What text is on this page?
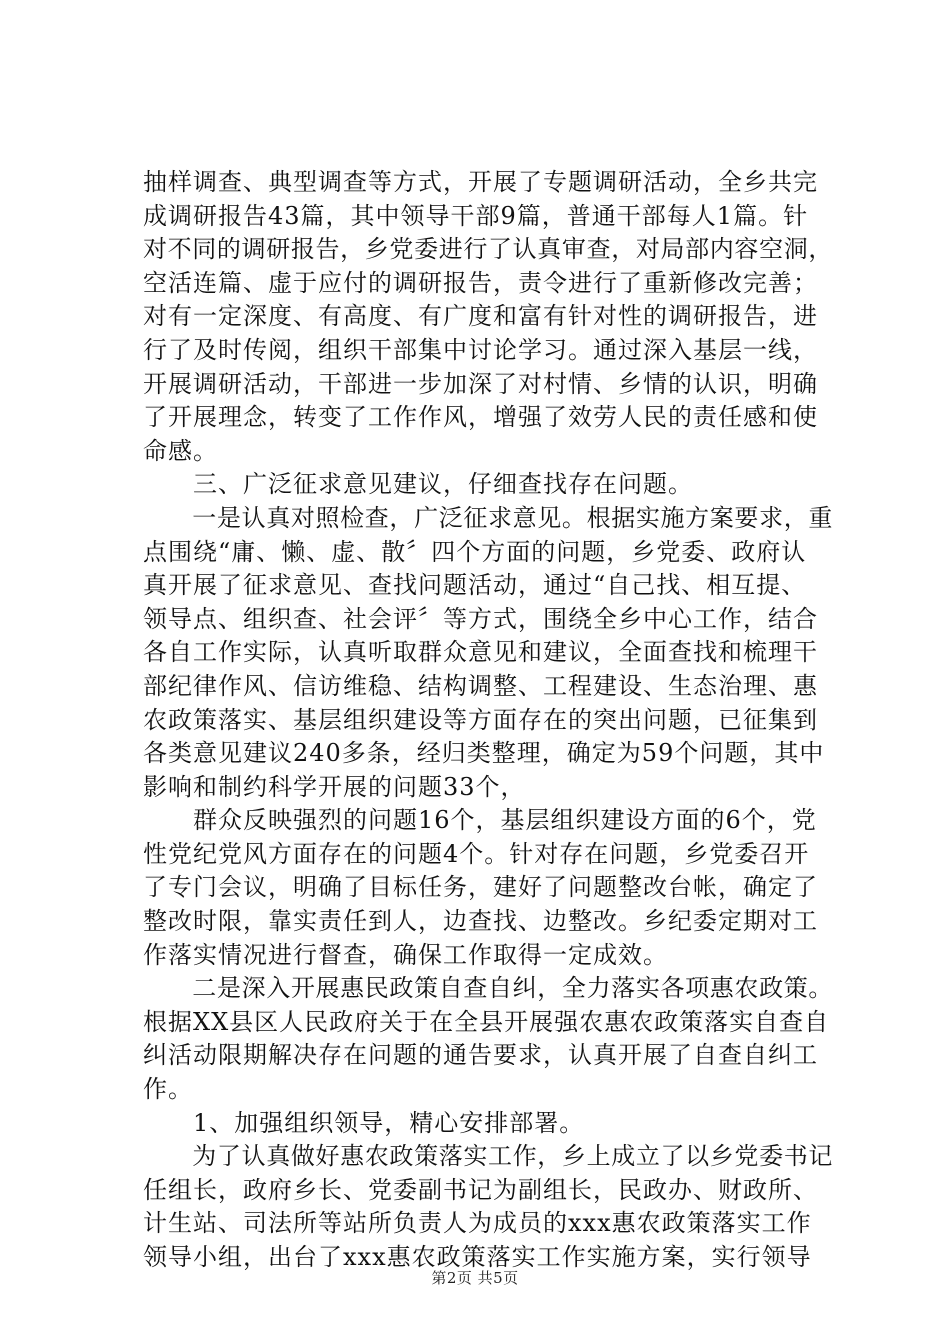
抽样调查、典型调查等方式，开展了专题调研活动，全乡共完
成调研报告43篇，其中领导干部9篇，普通干部每人1篇。针
对不同的调研报告，乡党委进行了认真审查，对局部内容空洞，
空活连篇、虚于应付的调研报告，责令进行了重新修改完善；
对有一定深度、有高度、有广度和富有针对性的调研报告，进
行了及时传阅，组织干部集中讨论学习。通过深入基层一线，
开展调研活动，干部进一步加深了对村情、乡情的认识，明确
了开展理念，转变了工作作风，增强了效劳人民的责任感和使
命感。
　　三、广泛征求意见建议，仔细查找存在问题。
　　一是认真对照检查，广泛征求意见。根据实施方案要求，重
点围绕“庸、懒、虚、散〞四个方面的问题，乡党委、政府认
真开展了征求意见、查找问题活动，通过“自己找、相互提、
领导点、组织查、社会评〞等方式，围绕全乡中心工作，结合
各自工作实际，认真听取群众意见和建议，全面查找和梳理干
部纪律作风、信访维稳、结构调整、工程建设、生态治理、惠
农政策落实、基层组织建设等方面存在的突出问题，已征集到
各类意见建议240多条，经归类整理，确定为59个问题，其中
影响和制约科学开展的问题33个，
　　群众反映强烈的问题16个，基层组织建设方面的6个，党
性党纪党风方面存在的问题4个。针对存在问题，乡党委召开
了专门会议，明确了目标任务，建好了问题整改台帐，确定了
整改时限，靠实责任到人，边查找、边整改。乡纪委定期对工
作落实情况进行督查，确保工作取得一定成效。
　　二是深入开展惠民政策自查自纠，全力落实各项惠农政策。
根据XX县区人民政府关于在全县开展强农惠农政策落实自查自
纠活动限期解决存在问题的通告要求，认真开展了自查自纠工
作。
　　1、加强组织领导，精心安排部署。
　　为了认真做好惠农政策落实工作，乡上成立了以乡党委书记
任组长，政府乡长、党委副书记为副组长，民政办、财政所、
计生站、司法所等站所负责人为成员的xxx惠农政策落实工作
领导小组，出台了xxx惠农政策落实工作实施方案，实行领导
第2页 共5页
